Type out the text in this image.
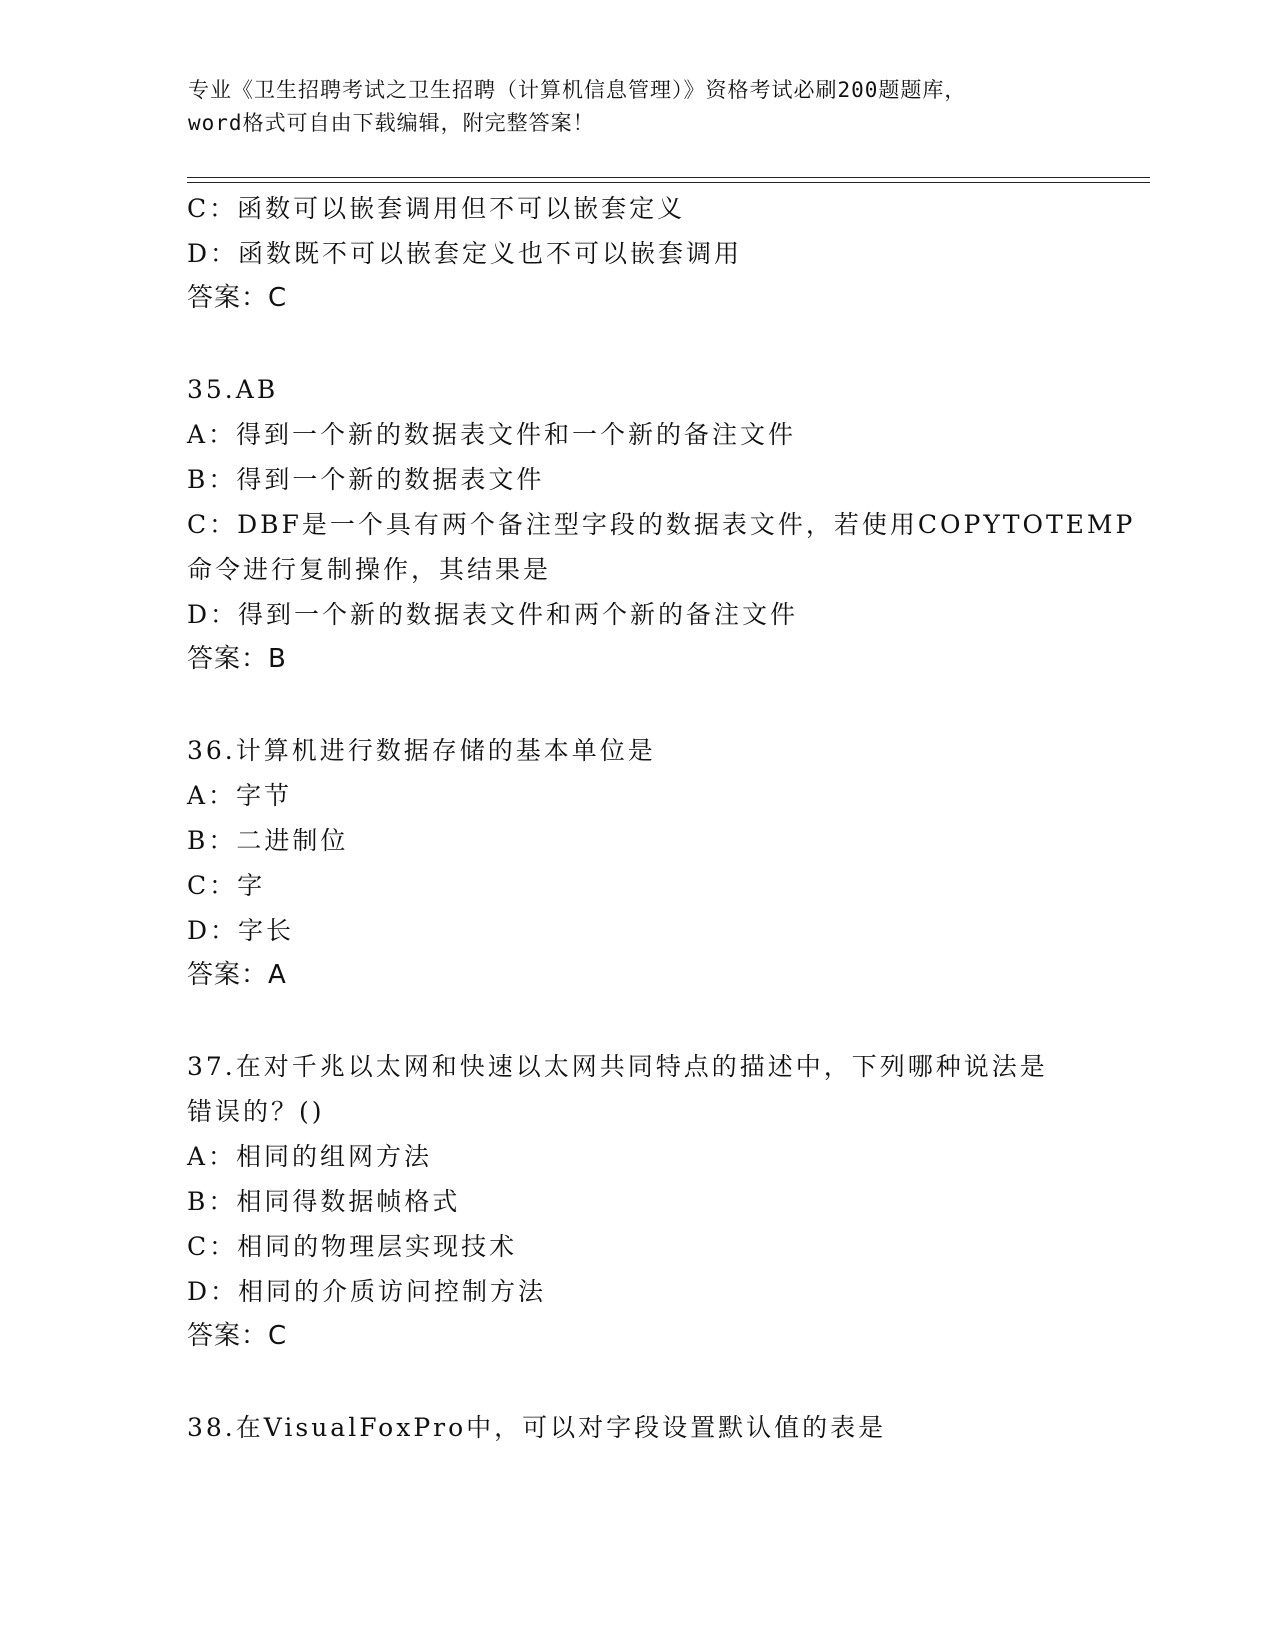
专业《卫生招聘考试之卫生招聘（计算机信息管理）》资格考试必刷200题题库，
word格式可自由下载编辑，附完整答案！
C：函数可以嵌套调用但不可以嵌套定义
D：函数既不可以嵌套定义也不可以嵌套调用
答案：C
35.AB
A：得到一个新的数据表文件和一个新的备注文件
B：得到一个新的数据表文件
C：DBF是一个具有两个备注型字段的数据表文件，若使用COPYTOTEMP
命令进行复制操作，其结果是
D：得到一个新的数据表文件和两个新的备注文件
答案：B
36.计算机进行数据存储的基本单位是
A：字节
B：二进制位
C：字
D：字长
答案：A
37.在对千兆以太网和快速以太网共同特点的描述中，下列哪种说法是
错误的？()
A：相同的组网方法
B：相同得数据帧格式
C：相同的物理层实现技术
D：相同的介质访问控制方法
答案：C
38.在VisualFoxPro中，可以对字段设置默认值的表是
